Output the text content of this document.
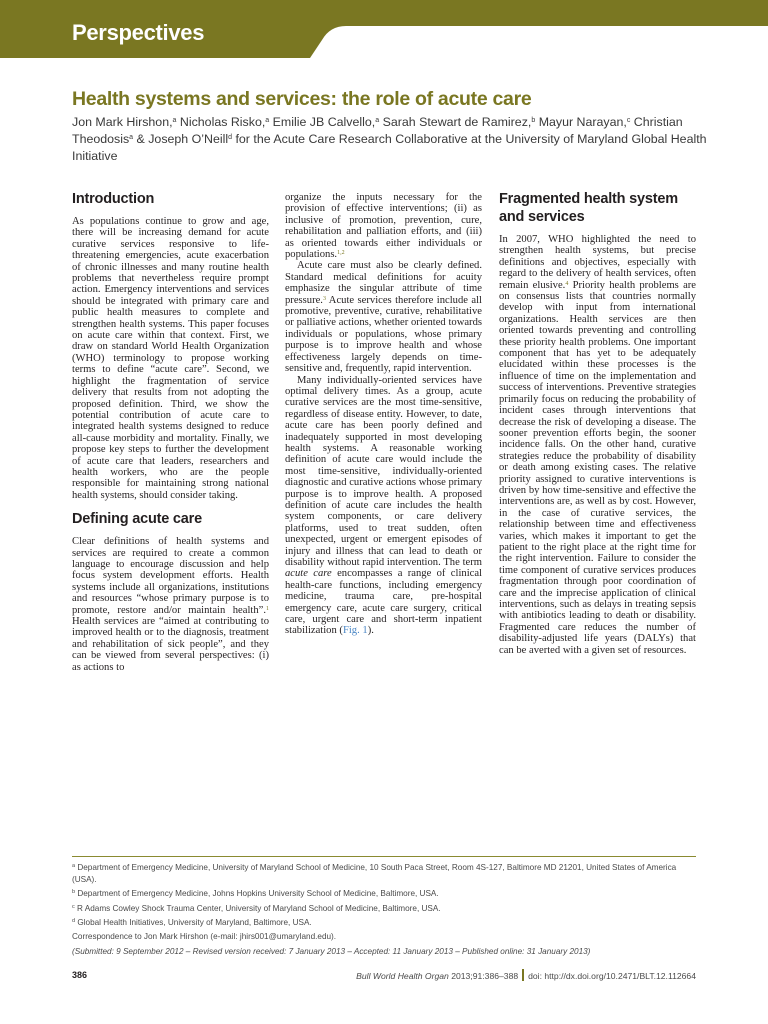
Perspectives
Health systems and services: the role of acute care

Jon Mark Hirshon,$^a$ Nicholas Risko,$^a$ Emilie JB Calvello,$^a$ Sarah Stewart de Ramirez,$^b$ Mayur Narayan,$^c$ Christian Theodosis$^a$ & Joseph O’Neill$^d$ for the Acute Care Research Collaborative at the University of Maryland Global Health Initiative

Introduction

As populations continue to grow and age, there will be increasing demand for acute curative services responsive to life-threatening emergencies, acute exacerbation of chronic illnesses and many routine health problems that nevertheless require prompt action. Emergency interventions and services should be integrated with primary care and public health measures to complete and strengthen health systems. This paper focuses on acute care within that context. First, we draw on standard World Health Organization (WHO) terminology to propose working terms to define “acute care”. Second, we highlight the fragmentation of service delivery that results from not adopting the proposed definition. Third, we show the potential contribution of acute care to integrated health systems designed to reduce all-cause morbidity and mortality. Finally, we propose key steps to further the development of acute care that leaders, researchers and health workers, who are the people responsible for maintaining strong national health systems, should consider taking.

Defining acute care

Clear definitions of health systems and services are required to create a common language to encourage discussion and help focus system development efforts. Health systems include all organizations, institutions and resources “whose primary purpose is to promote, restore and/or maintain health”.$^1$ Health services are “aimed at contributing to improved health or to the diagnosis, treatment and rehabilitation of sick people”, and they can be viewed from several perspectives: (i) as actions to

organize the inputs necessary for the provision of effective interventions; (ii) as inclusive of promotion, prevention, cure, rehabilitation and palliation efforts, and (iii) as oriented towards either individuals or populations.$^{1,2}$

Acute care must also be clearly defined. Standard medical definitions for acuity emphasize the singular attribute of time pressure.$^3$ Acute services therefore include all promotive, preventive, curative, rehabilitative or palliative actions, whether oriented towards individuals or populations, whose primary purpose is to improve health and whose effectiveness largely depends on time-sensitive and, frequently, rapid intervention.

Many individually-oriented services have optimal delivery times. As a group, acute curative services are the most time-sensitive, regardless of disease entity. However, to date, acute care has been poorly defined and inadequately supported in most developing health systems. A reasonable working definition of acute care would include the most time-sensitive, individually-oriented diagnostic and curative actions whose primary purpose is to improve health. A proposed definition of acute care includes the health system components, or care delivery platforms, used to treat sudden, often unexpected, urgent or emergent episodes of injury and illness that can lead to death or disability without rapid intervention. The term acute care encompasses a range of clinical health-care functions, including emergency medicine, trauma care, pre-hospital emergency care, acute care surgery, critical care, urgent care and short-term inpatient stabilization (Fig. 1).

Fragmented health system and services

In 2007, WHO highlighted the need to strengthen health systems, but precise definitions and objectives, especially with regard to the delivery of health services, often remain elusive.$^4$ Priority health problems are on consensus lists that countries normally develop with input from international organizations. Health services are then oriented towards preventing and controlling these priority health problems. One important component that has yet to be adequately elucidated within these processes is the influence of time on the implementation and success of interventions. Preventive strategies primarily focus on reducing the probability of incident cases through interventions that decrease the risk of developing a disease. The sooner prevention efforts begin, the sooner incidence falls. On the other hand, curative strategies reduce the probability of disability or death among existing cases. The relative priority assigned to curative interventions is driven by how time-sensitive and effective the interventions are, as well as by cost. However, in the case of curative services, the relationship between time and effectiveness varies, which makes it important to get the patient to the right place at the right time for the right intervention. Failure to consider the time component of curative services produces fragmentation through poor coordination of care and the imprecise application of clinical interventions, such as delays in treating sepsis with antibiotics leading to death or disability. Fragmented care reduces the number of disability-adjusted life years (DALYs) that can be averted with a given set of resources.

$^a$ Department of Emergency Medicine, University of Maryland School of Medicine, 10 South Paca Street, Room 4S-127, Baltimore MD 21201, United States of America (USA).
$^b$ Department of Emergency Medicine, Johns Hopkins University School of Medicine, Baltimore, USA.
$^c$ R Adams Cowley Shock Trauma Center, University of Maryland School of Medicine, Baltimore, USA.
$^d$ Global Health Initiatives, University of Maryland, Baltimore, USA.
Correspondence to Jon Mark Hirshon (e-mail: jhirs001@umaryland.edu).
(Submitted: 9 September 2012 – Revised version received: 7 January 2013 – Accepted: 11 January 2013 – Published online: 31 January 2013)
386	Bull World Health Organ 2013;91:386–388 doi: http://dx.doi.org/10.2471/BLT.12.112664
